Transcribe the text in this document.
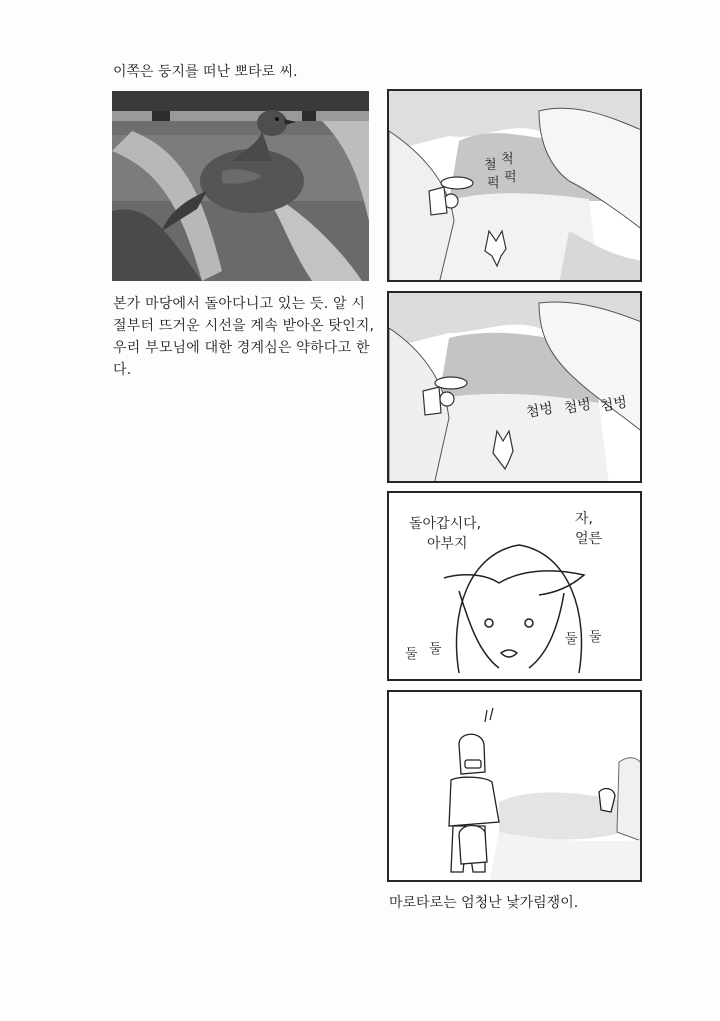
이쪽은 둥지를 떠난 뽀타로 씨.

본가 마당에서 돌아다니고 있는 듯. 알 시절부터 뜨거운 시선을 계속 받아온 탓인지, 우리 부모님에 대한 경계심은 약하다고 한다.

마로타로는 엄청난 낯가림쟁이.

철 척
퍽 퍽
첨벙 첨벙 첨벙
돌아갑시다,
아부지
자,
얼른
둘 둘
둘 둘
